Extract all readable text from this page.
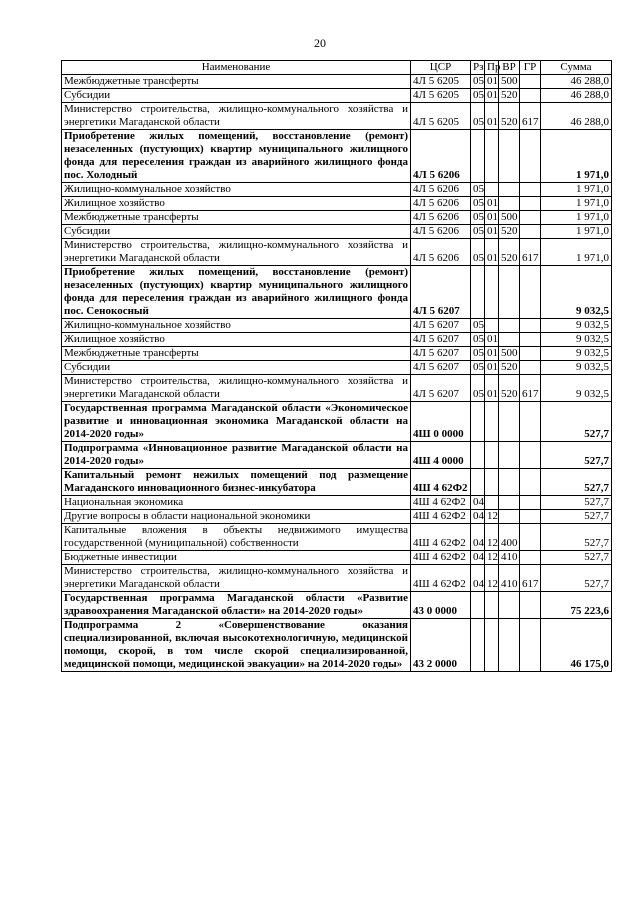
20
Наименование	ЦСР	Рз	Пр	ВР	ГР	Сумма
Межбюджетные трансферты	4Л 5 6205	05	01	500		46 288,0
Субсидии	4Л 5 6205	05	01	520		46 288,0
Министерство строительства, жилищно-коммунального хозяйства и энергетики Магаданской области	4Л 5 6205	05	01	520	617	46 288,0
Приобретение жилых помещений, восстановление (ремонт) незаселенных (пустующих) квартир муниципального жилищного фонда для переселения граждан из аварийного жилищного фонда пос. Холодный	4Л 5 6206					1 971,0
Жилищно-коммунальное хозяйство	4Л 5 6206	05				1 971,0
Жилищное хозяйство	4Л 5 6206	05	01			1 971,0
Межбюджетные трансферты	4Л 5 6206	05	01	500		1 971,0
Субсидии	4Л 5 6206	05	01	520		1 971,0
Министерство строительства, жилищно-коммунального хозяйства и энергетики Магаданской области	4Л 5 6206	05	01	520	617	1 971,0
Приобретение жилых помещений, восстановление (ремонт) незаселенных (пустующих) квартир муниципального жилищного фонда для переселения граждан из аварийного жилищного фонда пос. Сенокосный	4Л 5 6207					9 032,5
Жилищно-коммунальное хозяйство	4Л 5 6207	05				9 032,5
Жилищное хозяйство	4Л 5 6207	05	01			9 032,5
Межбюджетные трансферты	4Л 5 6207	05	01	500		9 032,5
Субсидии	4Л 5 6207	05	01	520		9 032,5
Министерство строительства, жилищно-коммунального хозяйства и энергетики Магаданской области	4Л 5 6207	05	01	520	617	9 032,5
Государственная программа Магаданской области «Экономическое развитие и инновационная экономика Магаданской области на 2014-2020 годы»	4Ш 0 0000					527,7
Подпрограмма «Инновационное развитие Магаданской области на 2014-2020 годы»	4Ш 4 0000					527,7
Капитальный ремонт нежилых помещений под размещение Магаданского инновационного бизнес-инкубатора	4Ш 4 62Ф2					527,7
Национальная экономика	4Ш 4 62Ф2	04				527,7
Другие вопросы в области национальной экономики	4Ш 4 62Ф2	04	12			527,7
Капитальные вложения в объекты недвижимого имущества государственной (муниципальной) собственности	4Ш 4 62Ф2	04	12	400		527,7
Бюджетные инвестиции	4Ш 4 62Ф2	04	12	410		527,7
Министерство строительства, жилищно-коммунального хозяйства и энергетики Магаданской области	4Ш 4 62Ф2	04	12	410	617	527,7
Государственная программа Магаданской области «Развитие здравоохранения Магаданской области» на 2014-2020 годы»	43 0 0000					75 223,6
Подпрограмма 2 «Совершенствование оказания специализированной, включая высокотехнологичную, медицинской помощи, скорой, в том числе скорой специализированной, медицинской помощи, медицинской эвакуации» на 2014-2020 годы»	43 2 0000					46 175,0
